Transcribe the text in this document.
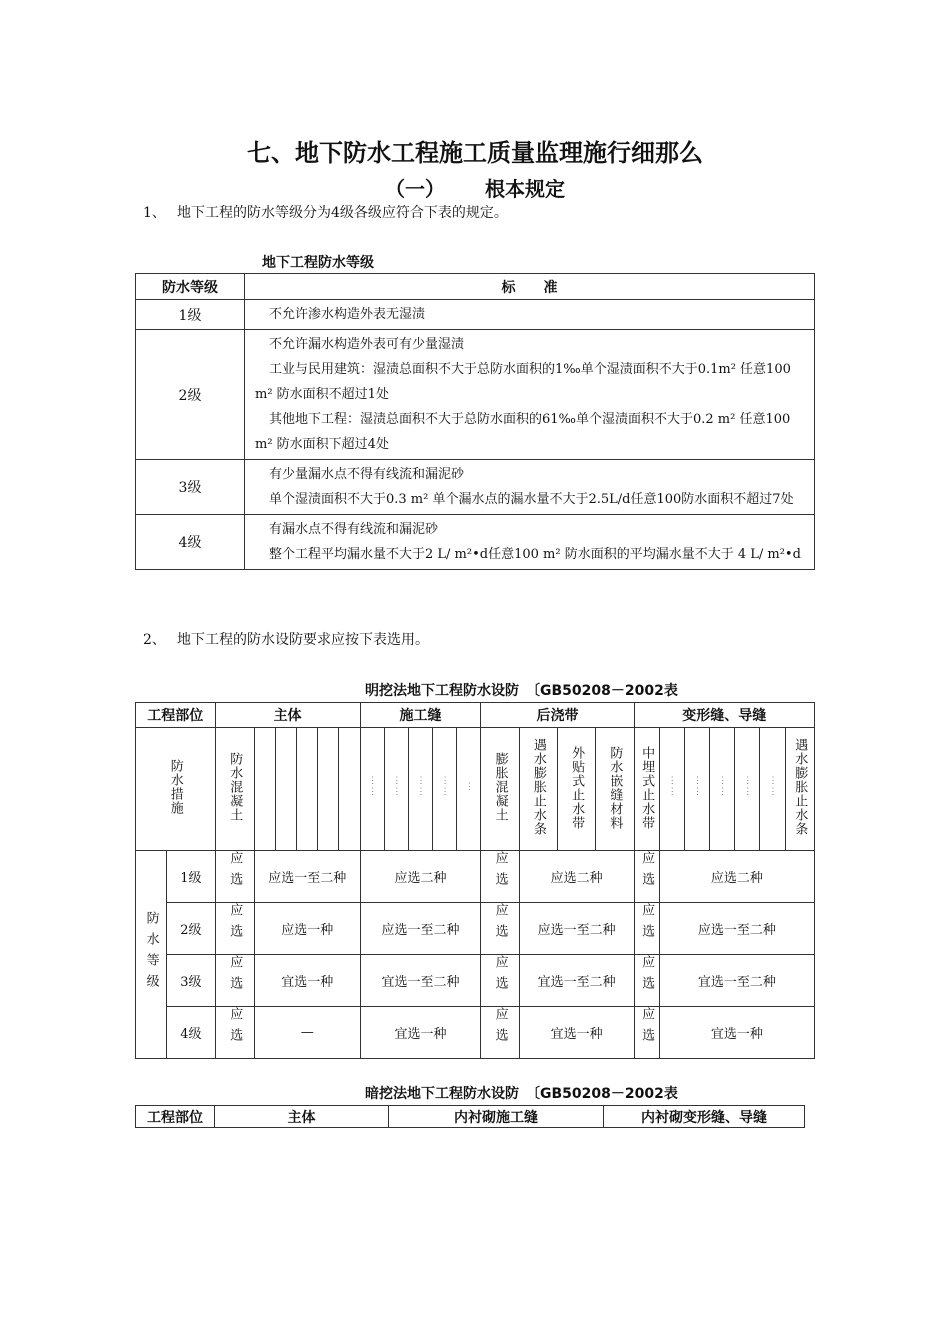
七、地下防水工程施工质量监理施行细那么
（一） 根本规定
1、 地下工程的防水等级分为4级各级应符合下表的规定。
地下工程防水等级
防水等级	标　　准
1级	不允许渗水构造外表无湿渍

2级	不允许漏水构造外表可有少量湿渍
工业与民用建筑：湿渍总面积不大于总防水面积的1‰单个湿渍面积不大于0.1m² 任意100 m² 防水面积不超过1处
其他地下工程：湿渍总面积不大于总防水面积的61‰单个湿渍面积不大于0.2 m² 任意100 m² 防水面积下超过4处

3级	有少量漏水点不得有线流和漏泥砂
单个湿渍面积不大于0.3 m² 单个漏水点的漏水量不大于2.5L/d任意100防水面积不超过7处

4级	有漏水点不得有线流和漏泥砂
整个工程平均漏水量不大于2 L/ m²•d任意100 m² 防水面积的平均漏水量不大于 4 L/ m²•d
2、 地下工程的防水设防要求应按下表选用。
明挖法地下工程防水设防　〔GB50208－2002表
工程部位		主体						施工缝					后浇带				变形缝、导缝						
防水措施		防水混凝土						⋮⋮	⋮⋮	⋮⋮	⋮⋮	⋮	膨胀混凝土	遇水膨胀止水条	外贴式止水带	防水嵌缝材料	中埋式止水带	⋮⋮	⋮⋮	⋮⋮	⋮⋮	⋮⋮	遇水膨胀止水条
防水等级	1级	应选	应选一至二种					应选二种					应选	应选二种			应选	应选二种					
	2级	应选	应选一种					应选一至二种					应选	应选一至二种			应选	应选一至二种					
	3级	应选	宜选一种					宜选一至二种					应选	宜选一至二种			应选	宜选一至二种					
	4级	应选	—					宜选一种					应选	宜选一种			应选	宜选一种					
暗挖法地下工程防水设防　〔GB50208－2002表
工程部位	主体	内衬砌施工缝	内衬砌变形缝、导缝
